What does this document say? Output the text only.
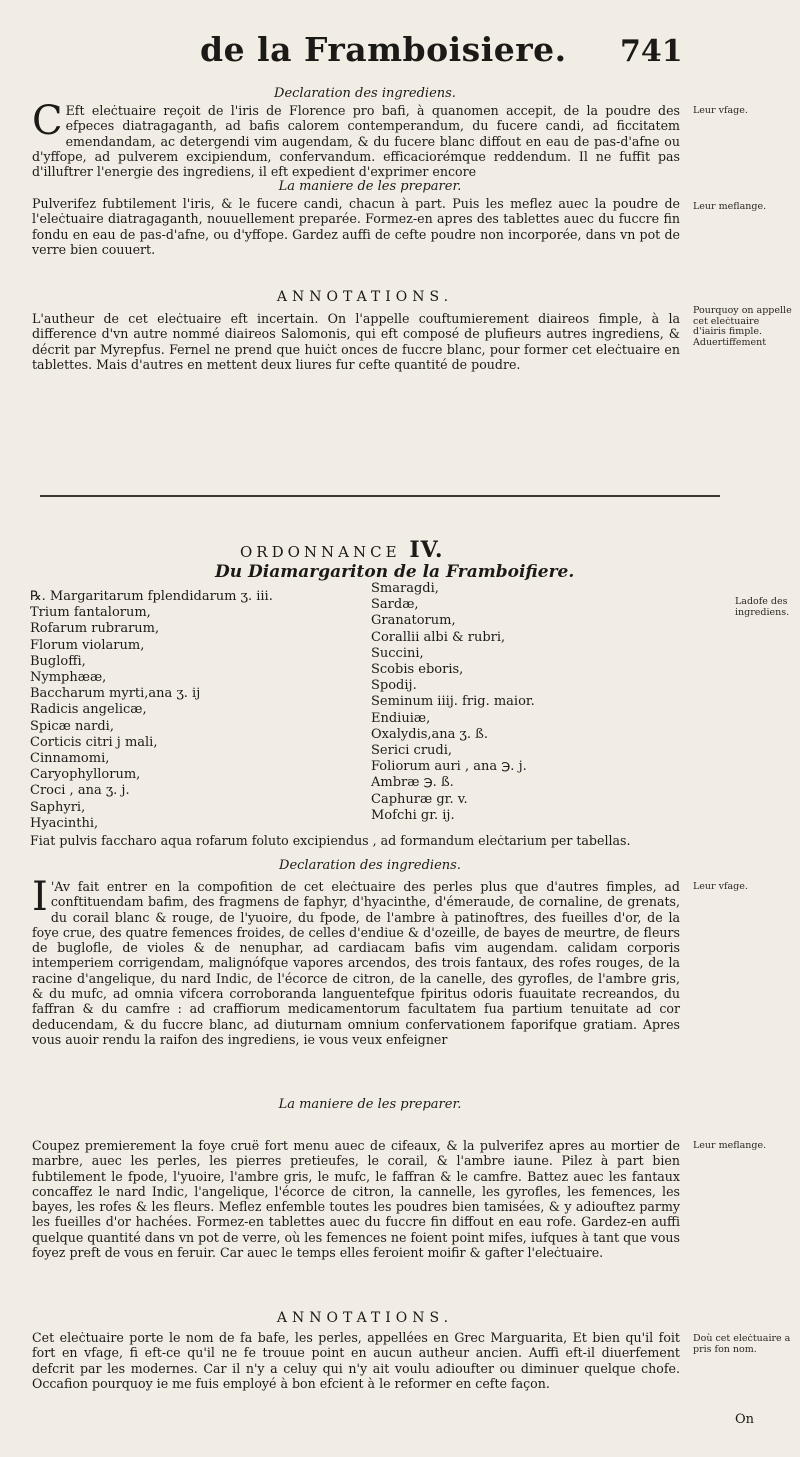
de la Framboisiere. 741
Declaration des ingrediens.
C Eft eleċtuaire reçoit de l'iris de Florence pro bafi, à quanomen accepit, de la poudre des efpeces diatragaganth, ad bafis calorem contemperandum, du fucere candi, ad ficcitatem emendandam, ac detergendi vim augendam, & du fucere blanc diffout en eau de pas-d'afne ou d'yffope, ad pulverem excipiendum, confervandum. efficaciorémque reddendum. Il ne fuffit pas d'illuftrer l'energie des ingrediens, il eft expedient d'exprimer encore
Leur vfage.
La maniere de les preparer.
Pulverifez fubtilement l'iris, & le fucere candi, chacun à part. Puis les meflez auec la poudre de l'eleċtuaire diatragaganth, nouuellement preparée. Formez-en apres des tablettes auec du fuccre fin fondu en eau de pas-d'afne, ou d'yffope. Gardez auffi de cefte poudre non incorporée, dans vn pot de verre bien couuert.
Leur meflange.
ANNOTATIONS.
L'autheur de cet eleċtuaire eft incertain. On l'appelle couftumierement diaireos fimple, à la difference d'vn autre nommé diaireos Salomonis, qui eft composé de plufieurs autres ingrediens, & décrit par Myrepfus. Fernel ne prend que huiċt onces de fuccre blanc, pour former cet eleċtuaire en tablettes. Mais d'autres en mettent deux liures fur cefte quantité de poudre.
Pourquoy on appelle cet eleċtuaire d'iairis fimple.
Aduertiffement
ORDONNANCE IV.
Du Diamargariton de la Framboifiere.
Ladofe des ingrediens.
℞. Margaritarum fplendidarum ʒ. iii.
Trium fantalorum,
Rofarum rubrarum,
Florum violarum,
Bugloffi,
Nymphææ,
Baccharum myrti,ana ʒ. ij
Radicis angelicæ,
Spicæ nardi,
Corticis citri j mali,
Cinnamomi,
Caryophyllorum,
Croci , ana ʒ. j.
Saphyri,
Hyacinthi,
Smaragdi,
Sardæ,
Granatorum,
Corallii albi & rubri,
Succini,
Scobis eboris,
Spodij.
Seminum iiij. frig. maior.
Endiuiæ,
Oxalydis,ana ʒ. ß.
Serici crudi,
Foliorum auri , ana ℈. j.
Ambræ ℈. ß.
Caphuræ gr. v.
Mofchi gr. ij.
Fiat pulvis faccharo aqua rofarum foluto excipiendus , ad formandum eleċtarium per tabellas.
Declaration des ingrediens.
I 'Av fait entrer en la compofition de cet eleċtuaire des perles plus que d'autres fimples, ad conftituendam bafim, des fragmens de faphyr, d'hyacinthe, d'émeraude, de cornaline, de grenats, du corail blanc & rouge, de l'yuoire, du fpode, de l'ambre à patinoftres, des fueilles d'or, de la foye crue, des quatre femences froides, de celles d'endiue & d'ozeille, de bayes de meurtre, de fleurs de buglofle, de violes & de nenuphar, ad cardiacam bafis vim augendam. calidam corporis intemperiem corrigendam, malignófque vapores arcendos, des trois fantaux, des rofes rouges, de la racine d'angelique, du nard Indic, de l'écorce de citron, de la canelle, des gyrofles, de l'ambre gris, & du mufc, ad omnia vifcera corroboranda languentefque fpiritus odoris fuauitate recreandos, du faffran & du camfre : ad craffiorum medicamentorum facultatem fua partium tenuitate ad cor deducendam, & du fuccre blanc, ad diuturnam omnium confervationem faporifque gratiam. Apres vous auoir rendu la raifon des ingrediens, ie vous veux enfeigner
Leur vfage.
La maniere de les preparer.
Coupez premierement la foye cruë fort menu auec de cifeaux, & la pulverifez apres au mortier de marbre, auec les perles, les pierres pretieufes, le corail, & l'ambre iaune. Pilez à part bien fubtilement le fpode, l'yuoire, l'ambre gris, le mufc, le faffran & le camfre. Battez auec les fantaux concaffez le nard Indic, l'angelique, l'écorce de citron, la cannelle, les gyrofles, les femences, les bayes, les rofes & les fleurs. Meflez enfemble toutes les poudres bien tamisées, & y adiouftez parmy les fueilles d'or hachées. Formez-en tablettes auec du fuccre fin diffout en eau rofe. Gardez-en auffi quelque quantité dans vn pot de verre, où les femences ne foient point mifes, iufques à tant que vous foyez preft de vous en feruir. Car auec le temps elles feroient moifir & gafter l'eleċtuaire.
Leur meflange.
ANNOTATIONS.
Cet eleċtuaire porte le nom de fa bafe, les perles, appellées en Grec Marguarita, Et bien qu'il foit fort en vfage, fi eft-ce qu'il ne fe trouue point en aucun autheur ancien. Auffi eft-il diuerfement defcrit par les modernes. Car il n'y a celuy qui n'y ait voulu adioufter ou diminuer quelque chofe. Occafion pourquoy ie me fuis employé à bon efcient à le reformer en cefte façon.
Doù cet eleċtuaire a pris fon nom.
On
